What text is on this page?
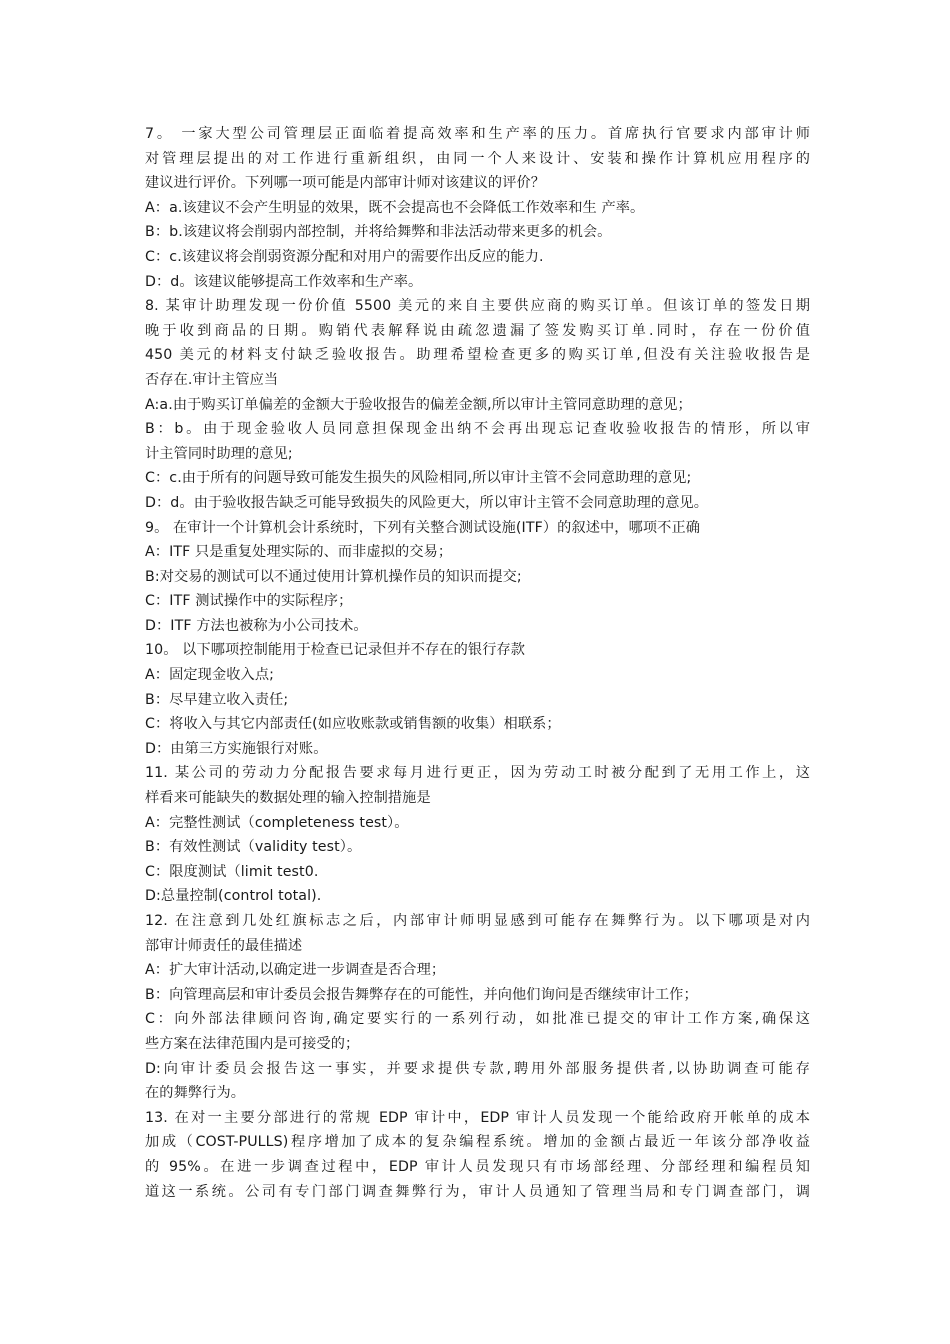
7。 一家大型公司管理层正面临着提高效率和生产率的压力。首席执行官要求内部审计师
对管理层提出的对工作进行重新组织，由同一个人来设计、安装和操作计算机应用程序的
建议进行评价。下列哪一项可能是内部审计师对该建议的评价？
A：a.该建议不会产生明显的效果，既不会提高也不会降低工作效率和生 产率。
B：b.该建议将会削弱内部控制，并将给舞弊和非法活动带来更多的机会。
C：c.该建议将会削弱资源分配和对用户的需要作出反应的能力.
D：d。该建议能够提高工作效率和生产率。
8. 某审计助理发现一份价值 5500 美元的来自主要供应商的购买订单。但该订单的签发日期
晚于收到商品的日期。购销代表解释说由疏忽遗漏了签发购买订单.同时，存在一份价值
450 美元的材料支付缺乏验收报告。助理希望检查更多的购买订单,但没有关注验收报告是
否存在.审计主管应当
A:a.由于购买订单偏差的金额大于验收报告的偏差金额,所以审计主管同意助理的意见；
B：b。由于现金验收人员同意担保现金出纳不会再出现忘记查收验收报告的情形，所以审
计主管同时助理的意见;
C：c.由于所有的问题导致可能发生损失的风险相同,所以审计主管不会同意助理的意见;
D：d。由于验收报告缺乏可能导致损失的风险更大，所以审计主管不会同意助理的意见。
9。 在审计一个计算机会计系统时，下列有关整合测试设施(ITF）的叙述中，哪项不正确
A：ITF 只是重复处理实际的、而非虚拟的交易；
B:对交易的测试可以不通过使用计算机操作员的知识而提交;
C：ITF 测试操作中的实际程序；
D：ITF 方法也被称为小公司技术。
10。 以下哪项控制能用于检查已记录但并不存在的银行存款
A：固定现金收入点;
B：尽早建立收入责任;
C：将收入与其它内部责任(如应收账款或销售额的收集）相联系；
D：由第三方实施银行对账。
11. 某公司的劳动力分配报告要求每月进行更正，因为劳动工时被分配到了无用工作上，这
样看来可能缺失的数据处理的输入控制措施是
A：完整性测试（completeness test）。
B：有效性测试（validity test）。
C：限度测试（limit test0.
D:总量控制(control total).
12. 在注意到几处红旗标志之后，内部审计师明显感到可能存在舞弊行为。以下哪项是对内
部审计师责任的最佳描述
A：扩大审计活动,以确定进一步调查是否合理；
B：向管理高层和审计委员会报告舞弊存在的可能性，并向他们询问是否继续审计工作；
C：向外部法律顾问咨询,确定要实行的一系列行动，如批准已提交的审计工作方案,确保这
些方案在法律范围内是可接受的；
D:向审计委员会报告这一事实，并要求提供专款,聘用外部服务提供者,以协助调查可能存
在的舞弊行为。
13. 在对一主要分部进行的常规 EDP 审计中，EDP 审计人员发现一个能给政府开帐单的成本
加成（COST-PULLS)程序增加了成本的复杂编程系统。增加的金额占最近一年该分部净收益
的 95%。在进一步调查过程中，EDP 审计人员发现只有市场部经理、分部经理和编程员知
道这一系统。公司有专门部门调查舞弊行为，审计人员通知了管理当局和专门调查部门，调
